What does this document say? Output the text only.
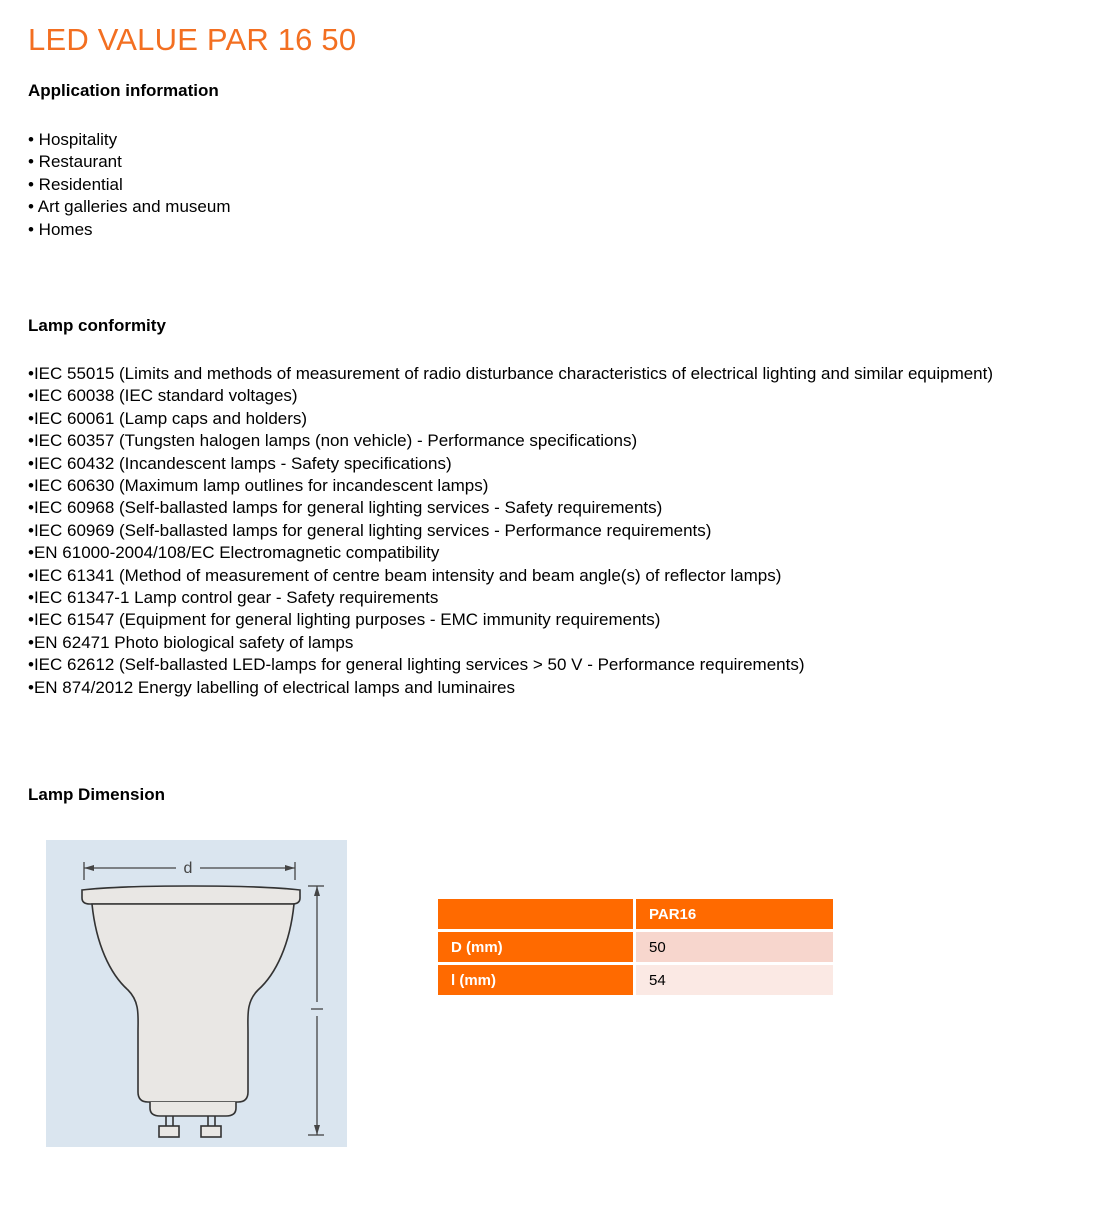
LED VALUE PAR 16 50
Application information
• Hospitality
• Restaurant
• Residential
• Art galleries and museum
• Homes
Lamp conformity
•IEC 55015 (Limits and methods of measurement of radio disturbance characteristics of electrical lighting and similar equipment)
•IEC 60038 (IEC standard voltages)
•IEC 60061 (Lamp caps and holders)
•IEC 60357 (Tungsten halogen lamps (non vehicle) - Performance specifications)
•IEC 60432 (Incandescent lamps - Safety specifications)
•IEC 60630 (Maximum lamp outlines for incandescent lamps)
•IEC 60968 (Self-ballasted lamps for general lighting services - Safety requirements)
•IEC 60969 (Self-ballasted lamps for general lighting services - Performance requirements)
•EN 61000-2004/108/EC Electromagnetic compatibility
•IEC 61341 (Method of measurement of centre beam intensity and beam angle(s) of reflector lamps)
•IEC 61347-1 Lamp control gear - Safety requirements
•IEC 61547 (Equipment for general lighting purposes - EMC immunity requirements)
•EN 62471 Photo biological safety of lamps
•IEC 62612 (Self-ballasted LED-lamps for general lighting services > 50 V - Performance requirements)
•EN 874/2012 Energy labelling of electrical lamps and luminaires
Lamp Dimension
d
	PAR16
D (mm)	50
l (mm)	54
